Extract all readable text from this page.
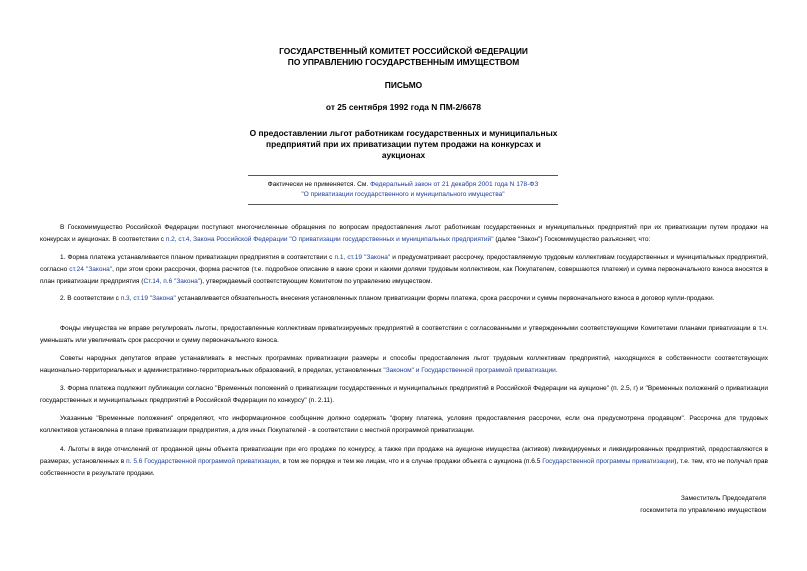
ГОСУДАРСТВЕННЫЙ КОМИТЕТ РОССИЙСКОЙ ФЕДЕРАЦИИ
ПО УПРАВЛЕНИЮ ГОСУДАРСТВЕННЫМ ИМУЩЕСТВОМ
ПИСЬМО
от 25 сентября 1992 года N ПМ-2/6678
О предоставлении льгот работникам государственных и муниципальных
предприятий при их приватизации путем продажи на конкурсах и
аукционах
Фактически не применяется. См. Федеральный закон от 21 декабря 2001 года N 178-ФЗ
"О приватизации государственного и муниципального имущества"
В Госкомимущество Российской Федерации поступают многочисленные обращения по вопросам предоставления льгот работникам государственных и муниципальных предприятий при их приватизации путем продажи на конкурсах и аукционах. В соответствии с п.2, ст.4, Закона Российской Федерации "О приватизации государственных и муниципальных предприятий" (далее "Закон") Госкомимущество разъясняет, что:
1. Форма платежа устанавливается планом приватизации предприятия в соответствии с п.1, ст.19 "Закона" и предусматривает рассрочку, предоставляемую трудовым коллективам государственных и муниципальных предприятий, согласно ст.24 "Закона", при этом сроки рассрочки, форма расчетов (т.е. подробное описание в какие сроки и какими долями трудовым коллективом, как Покупателем, совершаются платежи) и сумма первоначального взноса вносятся в план приватизации предприятия (Ст.14, п.6 "Закона"), утверждаемый соответствующим Комитетом по управлению имуществом.
2. В соответствии с п.3, ст.19 "Закона" устанавливается обязательность внесения установленных планом приватизации формы платежа, срока рассрочки и суммы первоначального взноса в договор купли-продажи.
Фонды имущества не вправе регулировать льготы, предоставленные коллективам приватизируемых предприятий в соответствии с согласованными и утвержденными соответствующими Комитетами планами приватизации в т.ч. уменьшать или увеличивать срок рассрочки и сумму первоначального взноса.
Советы народных депутатов вправе устанавливать в местных программах приватизации размеры и способы предоставления льгот трудовым коллективам предприятий, находящихся в собственности соответствующих национально-территориальных и административно-территориальных образований, в пределах, установленных "Законом" и Государственной программой приватизации.
3. Форма платежа подлежит публикации согласно "Временных положений о приватизации государственных и муниципальных предприятий в Российской Федерации на аукционе" (п. 2.5, г) и "Временных положений о приватизации государственных и муниципальных предприятий в Российской Федерации по конкурсу" (п. 2.11).
Указанные "Временные положения" определяют, что информационное сообщение должно содержать "форму платежа, условия предоставления рассрочки, если она предусмотрена продавцом". Рассрочка для трудовых коллективов установлена в плане приватизации предприятия, а для иных Покупателей - в соответствии с местной программой приватизации.
4. Льготы в виде отчислений от проданной цены объекта приватизации при его продаже по конкурсу, а также при продаже на аукционе имущества (активов) ликвидируемых и ликвидированных предприятий, предоставляются в размерах, установленных в п. 5.6 Государственной программой приватизации, в том же порядке и тем же лицам, что и в случае продажи объекта с аукциона (п.6.5 Государственной программы приватизации), т.е. тем, кто не получал прав собственности в результате продажи.
Заместитель Председателя
госкомитета по управлению имуществом
